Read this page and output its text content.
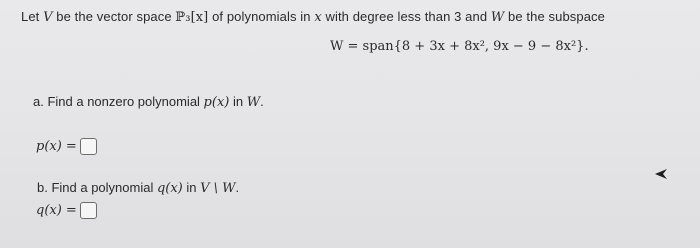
Let V be the vector space ℙ₃[x] of polynomials in x with degree less than 3 and W be the subspace
W = span{8 + 3x + 8x², 9x − 9 − 8x²}.
a. Find a nonzero polynomial p(x) in W.
p(x) =
b. Find a polynomial q(x) in V \ W.
q(x) =
